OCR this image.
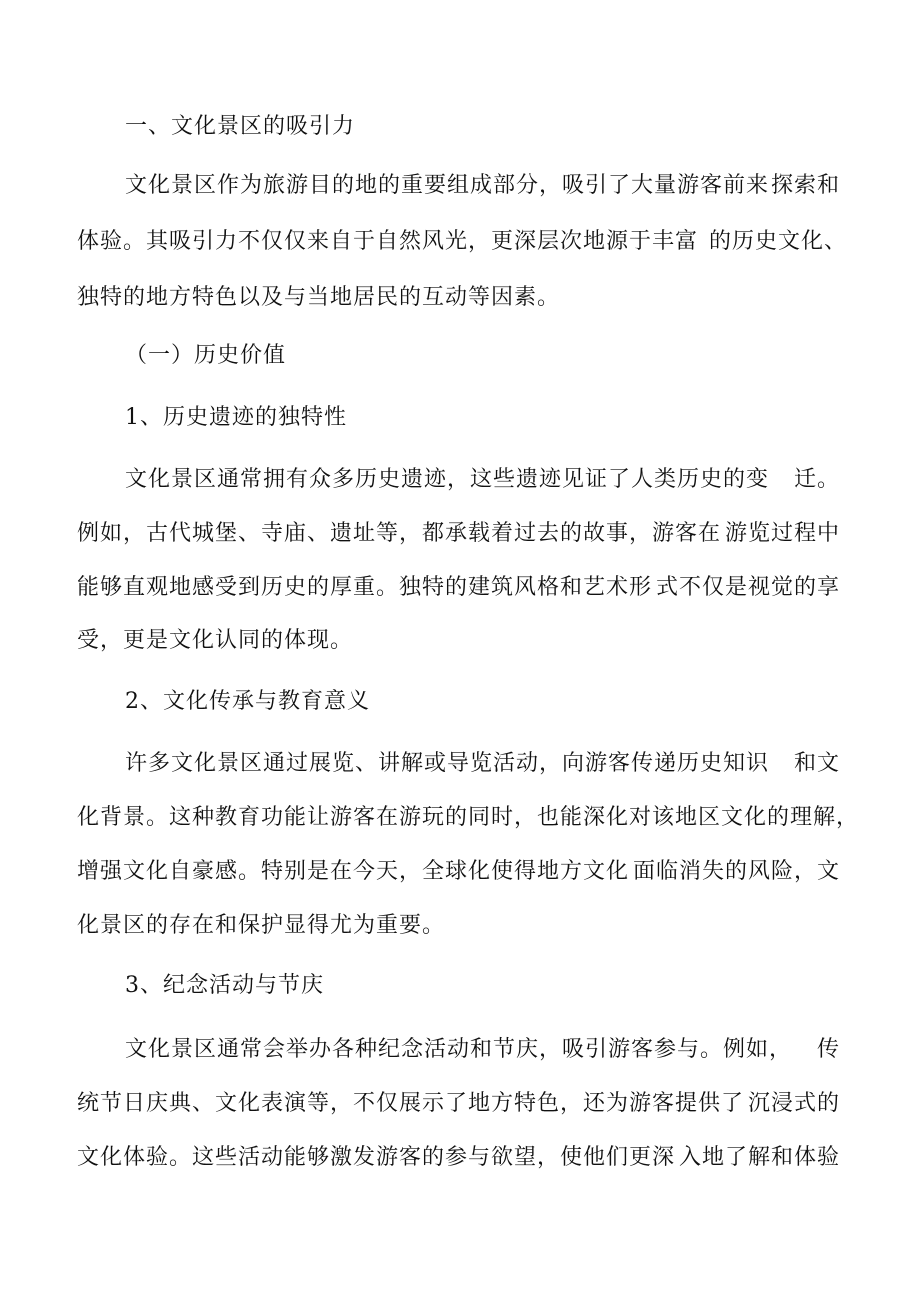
一、文化景区的吸引力
文化景区作为旅游目的地的重要组成部分，吸引了大量游客前来 探索和
体验。其吸引力不仅仅来自于自然风光，更深层次地源于丰富 的历史文化、
独特的地方特色以及与当地居民的互动等因素。
（一）历史价值
1、历史遗迹的独特性
文化景区通常拥有众多历史遗迹，这些遗迹见证了人类历史的变 迁。
例如，古代城堡、寺庙、遗址等，都承载着过去的故事，游客在 游览过程中
能够直观地感受到历史的厚重。独特的建筑风格和艺术形 式不仅是视觉的享
受，更是文化认同的体现。
2、文化传承与教育意义
许多文化景区通过展览、讲解或导览活动，向游客传递历史知识 和文
化背景。这种教育功能让游客在游玩的同时，也能深化对该地区 文化的理解，
增强文化自豪感。特别是在今天，全球化使得地方文化 面临消失的风险，文
化景区的存在和保护显得尤为重要。
3、纪念活动与节庆
文化景区通常会举办各种纪念活动和节庆，吸引游客参与。例如， 传
统节日庆典、文化表演等，不仅展示了地方特色，还为游客提供了 沉浸式的
文化体验。这些活动能够激发游客的参与欲望，使他们更深 入地了解和体验
